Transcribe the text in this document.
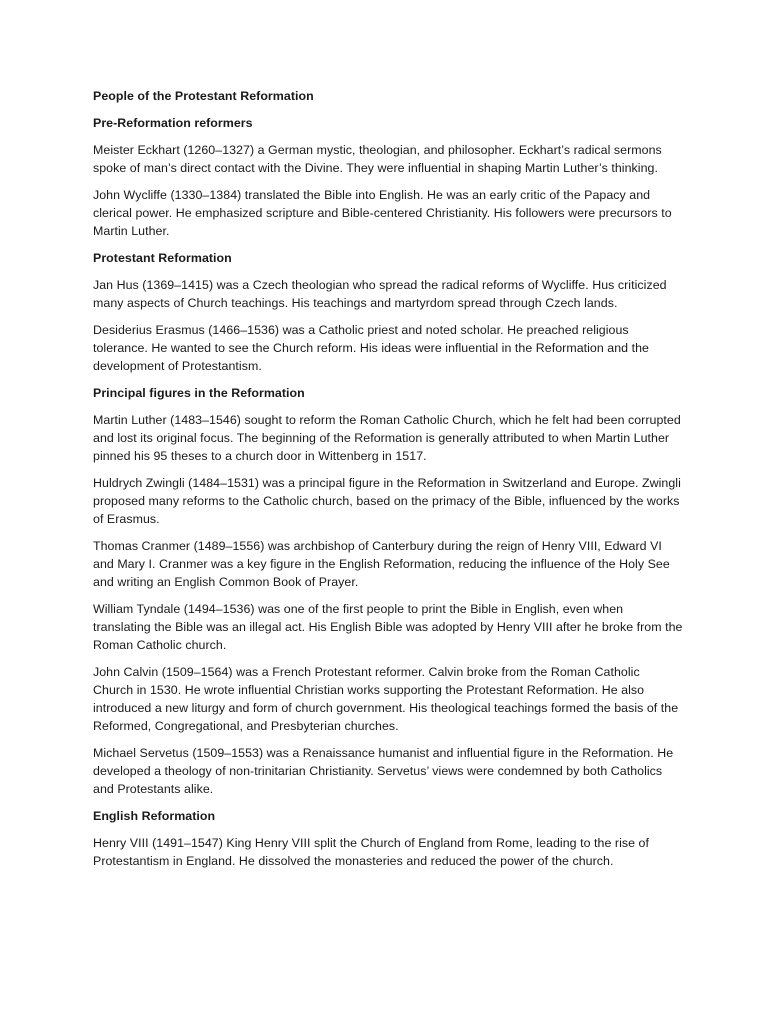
People of the Protestant Reformation

Pre-Reformation reformers

Meister Eckhart (1260–1327) a German mystic, theologian, and philosopher. Eckhart’s radical sermons spoke of man’s direct contact with the Divine. They were influential in shaping Martin Luther’s thinking.

John Wycliffe (1330–1384) translated the Bible into English. He was an early critic of the Papacy and clerical power. He emphasized scripture and Bible-centered Christianity. His followers were precursors to Martin Luther.

Protestant Reformation

Jan Hus (1369–1415) was a Czech theologian who spread the radical reforms of Wycliffe. Hus criticized many aspects of Church teachings. His teachings and martyrdom spread through Czech lands.

Desiderius Erasmus (1466–1536) was a Catholic priest and noted scholar. He preached religious tolerance. He wanted to see the Church reform. His ideas were influential in the Reformation and the development of Protestantism.

Principal figures in the Reformation

Martin Luther (1483–1546) sought to reform the Roman Catholic Church, which he felt had been corrupted and lost its original focus. The beginning of the Reformation is generally attributed to when Martin Luther pinned his 95 theses to a church door in Wittenberg in 1517.

Huldrych Zwingli (1484–1531) was a principal figure in the Reformation in Switzerland and Europe. Zwingli proposed many reforms to the Catholic church, based on the primacy of the Bible, influenced by the works of Erasmus.

Thomas Cranmer (1489–1556) was archbishop of Canterbury during the reign of Henry VIII, Edward VI and Mary I. Cranmer was a key figure in the English Reformation, reducing the influence of the Holy See and writing an English Common Book of Prayer.

William Tyndale (1494–1536) was one of the first people to print the Bible in English, even when translating the Bible was an illegal act. His English Bible was adopted by Henry VIII after he broke from the Roman Catholic church.

John Calvin (1509–1564) was a French Protestant reformer. Calvin broke from the Roman Catholic Church in 1530. He wrote influential Christian works supporting the Protestant Reformation. He also introduced a new liturgy and form of church government. His theological teachings formed the basis of the Reformed, Congregational, and Presbyterian churches.

Michael Servetus (1509–1553) was a Renaissance humanist and influential figure in the Reformation. He developed a theology of non-trinitarian Christianity. Servetus’ views were condemned by both Catholics and Protestants alike.

English Reformation

Henry VIII (1491–1547) King Henry VIII split the Church of England from Rome, leading to the rise of Protestantism in England. He dissolved the monasteries and reduced the power of the church.
